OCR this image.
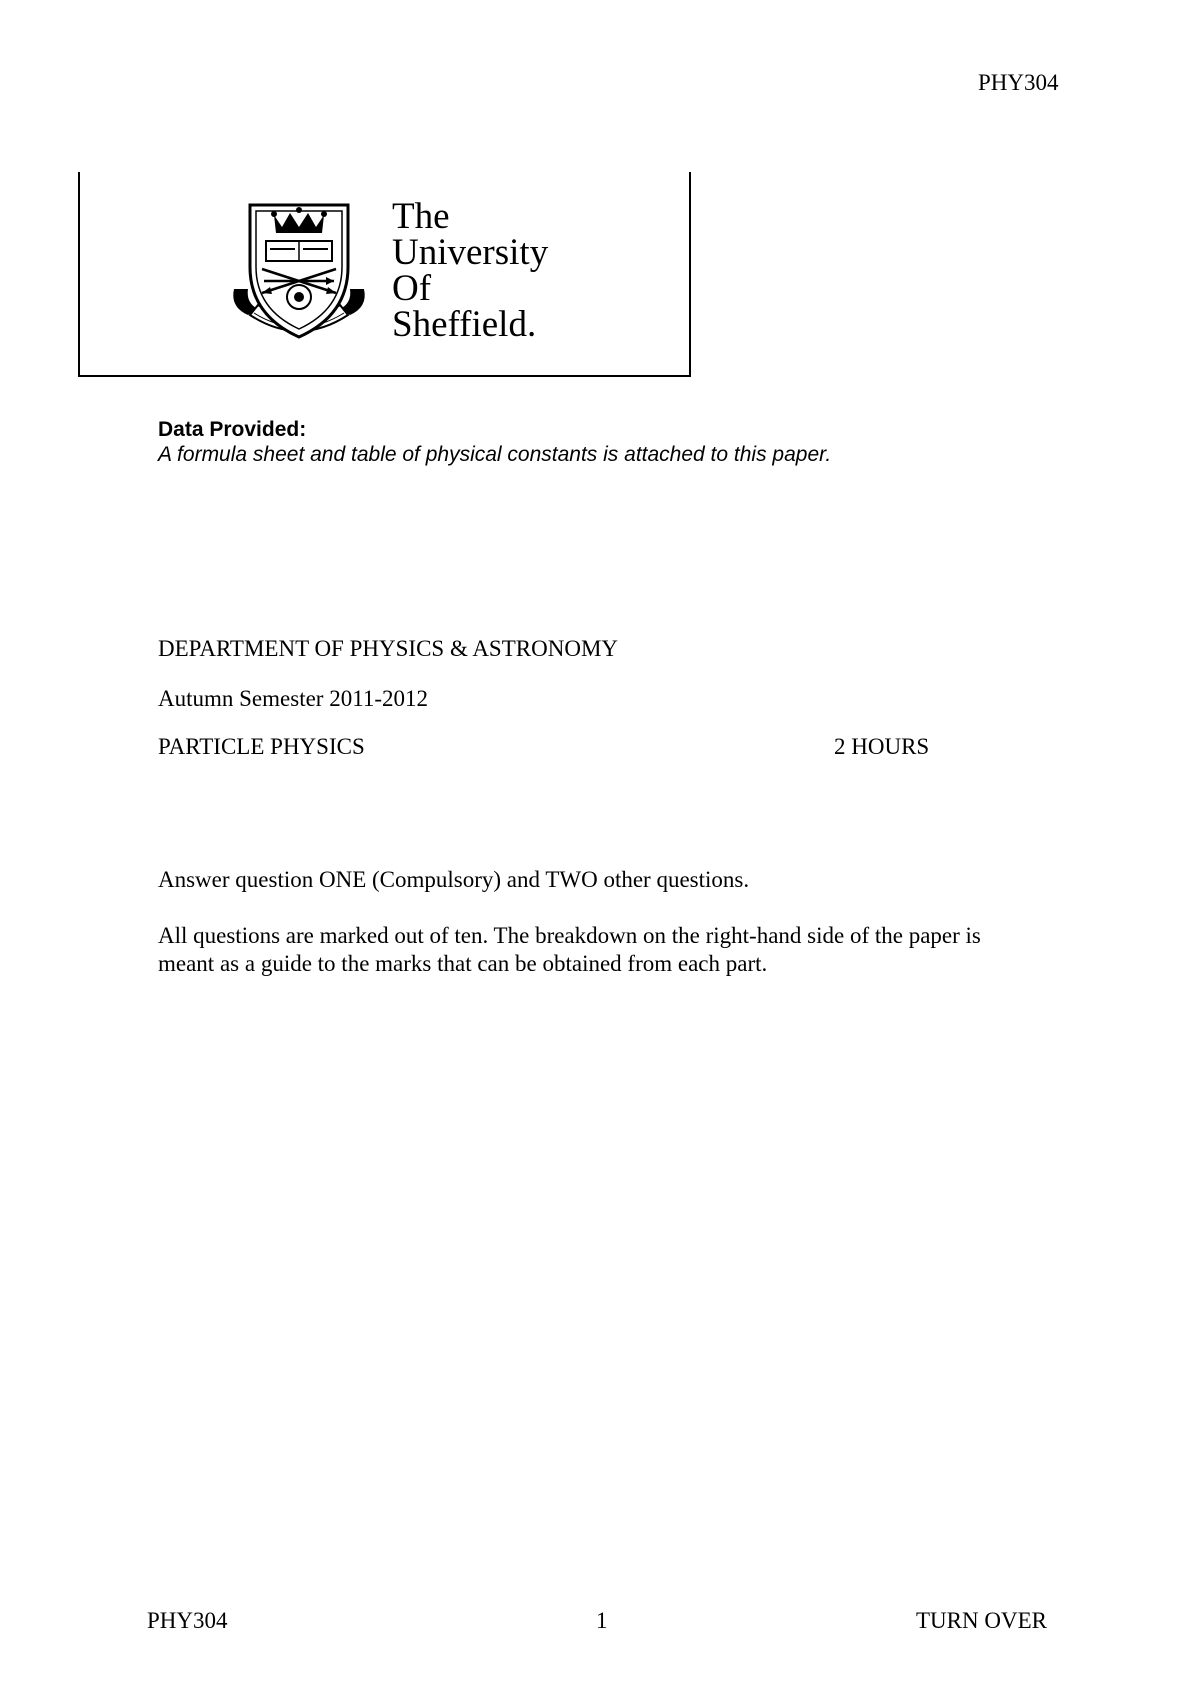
PHY304
The
University
Of
Sheffield.
Data Provided:
A formula sheet and table of physical constants is attached to this paper.
DEPARTMENT OF PHYSICS & ASTRONOMY
Autumn Semester 2011-2012
PARTICLE PHYSICS	2 HOURS
Answer question ONE (Compulsory) and TWO other questions.
All questions are marked out of ten. The breakdown on the right-hand side of the paper is meant as a guide to the marks that can be obtained from each part.
PHY304	1	TURN OVER
